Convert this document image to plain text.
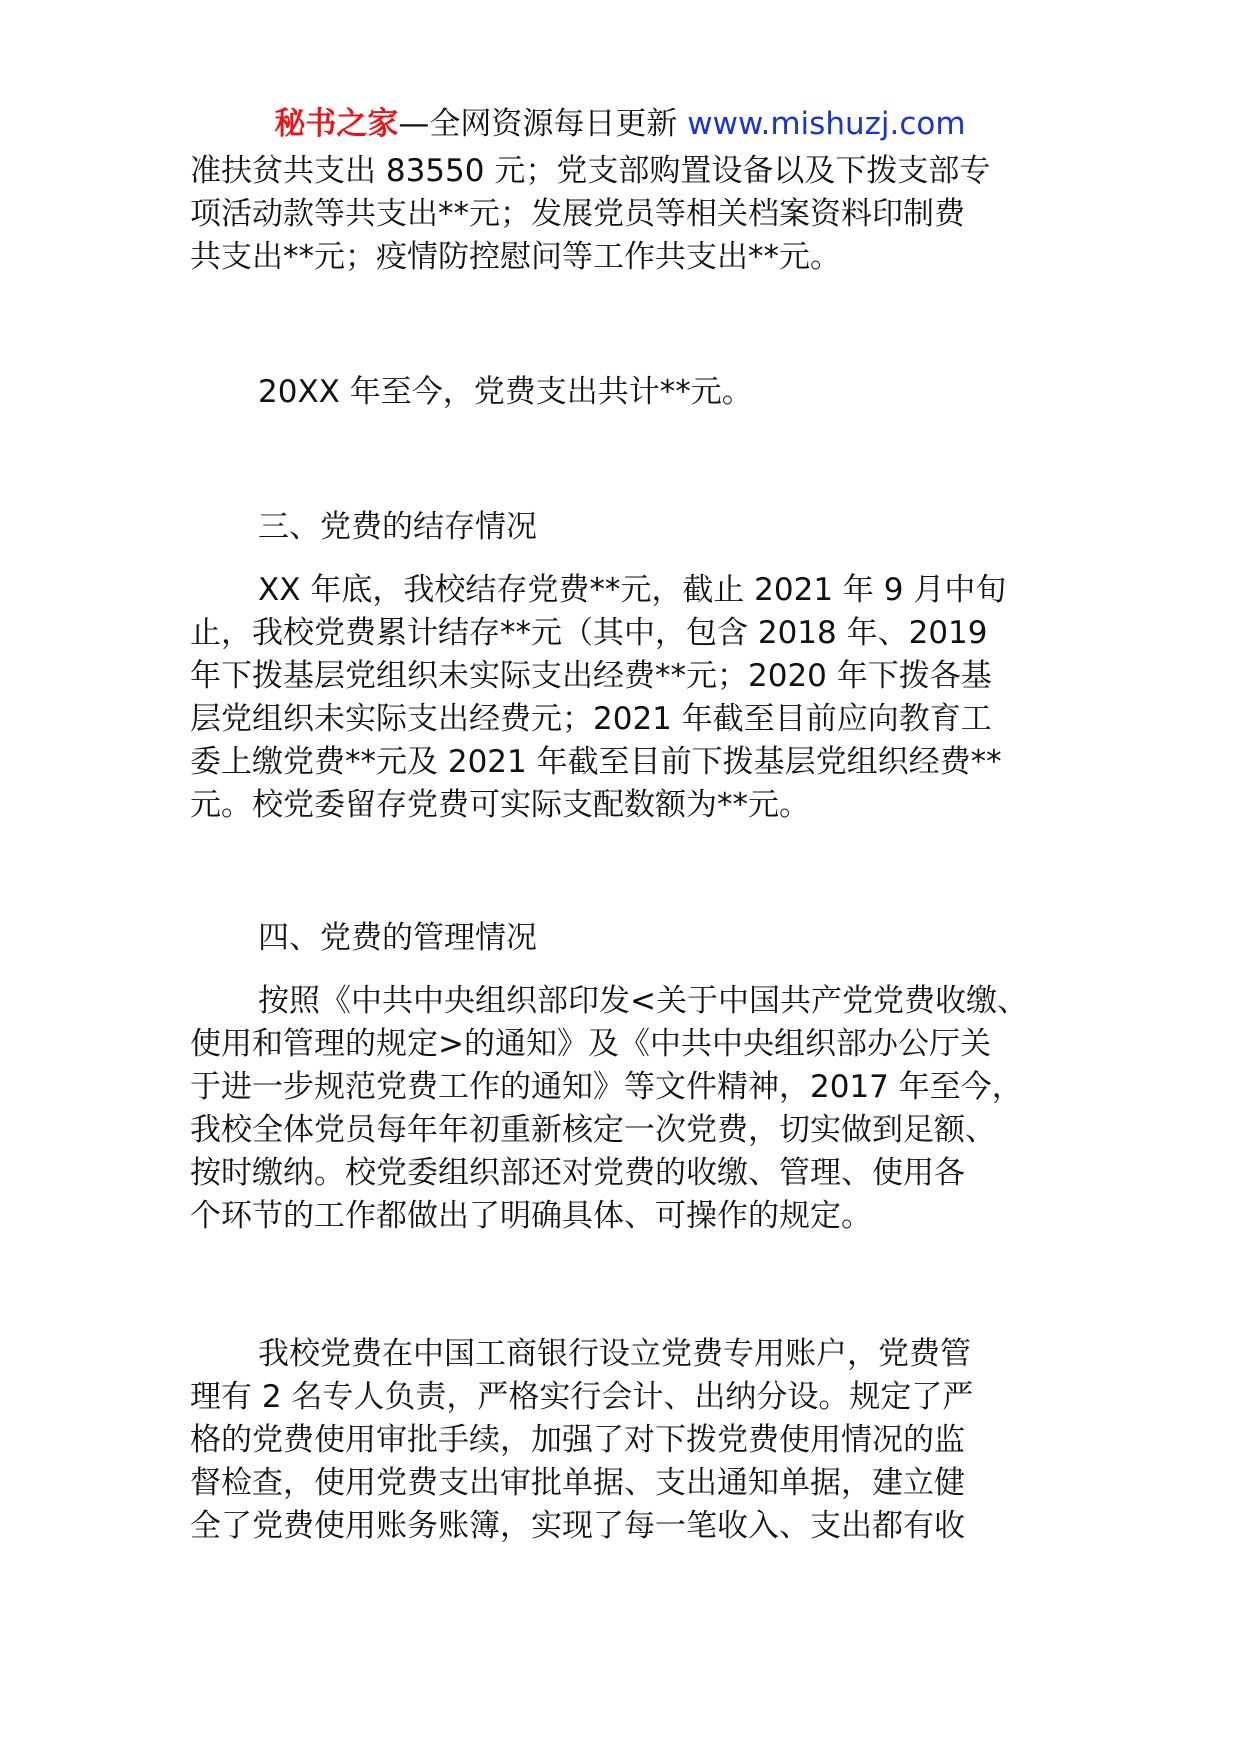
秘书之家—全网资源每日更新 www.mishuzj.com

准扶贫共支出 83550 元；党支部购置设备以及下拨支部专

项活动款等共支出**元；发展党员等相关档案资料印制费

共支出**元；疫情防控慰问等工作共支出**元。

20XX 年至今，党费支出共计**元。

三、党费的结存情况

XX 年底，我校结存党费**元，截止 2021 年 9 月中旬

止，我校党费累计结存**元（其中，包含 2018 年、2019

年下拨基层党组织未实际支出经费**元；2020 年下拨各基

层党组织未实际支出经费元；2021 年截至目前应向教育工

委上缴党费**元及 2021 年截至目前下拨基层党组织经费**

元。校党委留存党费可实际支配数额为**元。

四、党费的管理情况

按照《中共中央组织部印发<关于中国共产党党费收缴、

使用和管理的规定>的通知》及《中共中央组织部办公厅关

于进一步规范党费工作的通知》等文件精神，2017 年至今，

我校全体党员每年年初重新核定一次党费，切实做到足额、

按时缴纳。校党委组织部还对党费的收缴、管理、使用各

个环节的工作都做出了明确具体、可操作的规定。

我校党费在中国工商银行设立党费专用账户，党费管

理有 2 名专人负责，严格实行会计、出纳分设。规定了严

格的党费使用审批手续，加强了对下拨党费使用情况的监

督检查，使用党费支出审批单据、支出通知单据，建立健

全了党费使用账务账簿，实现了每一笔收入、支出都有收
